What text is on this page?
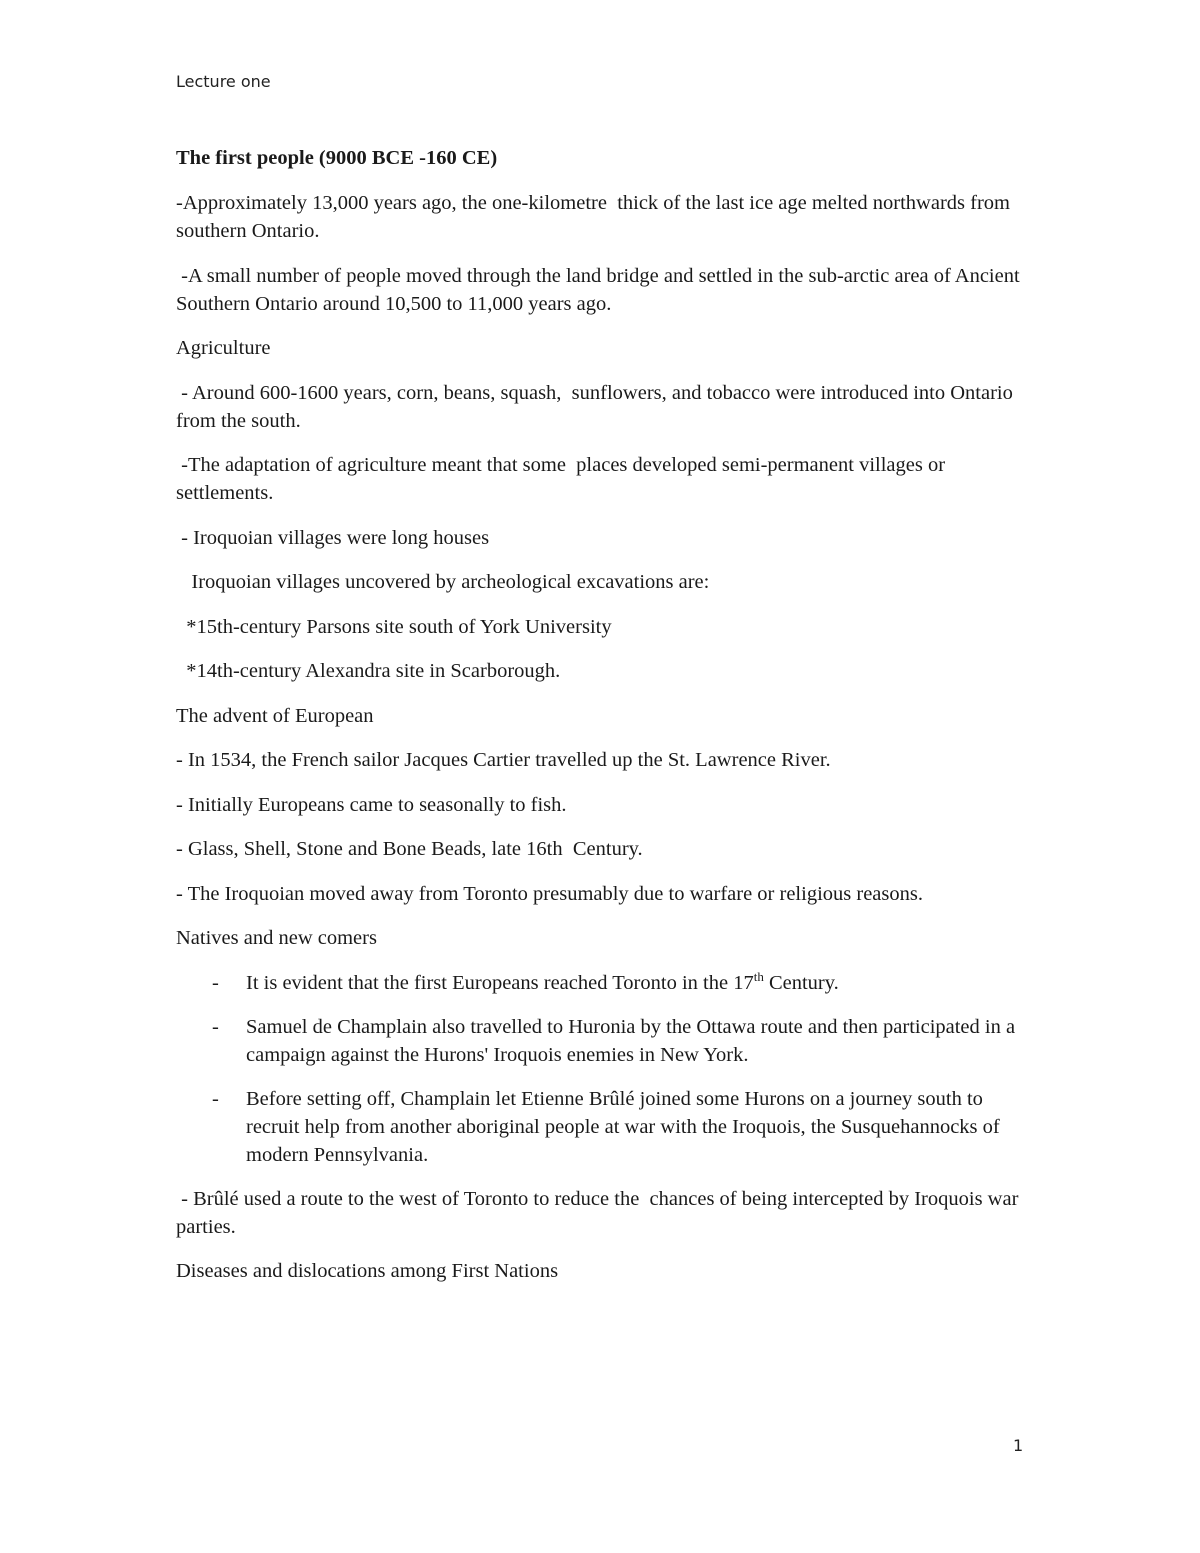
Lecture one

The first people (9000 BCE -160 CE)

-Approximately 13,000 years ago, the one-kilometre  thick of the last ice age melted northwards from southern Ontario.

-A small number of people moved through the land bridge and settled in the sub-arctic area of Ancient Southern Ontario around 10,500 to 11,000 years ago.

Agriculture

- Around 600-1600 years, corn, beans, squash,  sunflowers, and tobacco were introduced into Ontario from the south.

-The adaptation of agriculture meant that some  places developed semi-permanent villages or settlements.

- Iroquoian villages were long houses

Iroquoian villages uncovered by archeological excavations are:

*15th-century Parsons site south of York University

*14th-century Alexandra site in Scarborough.

The advent of European

- In 1534, the French sailor Jacques Cartier travelled up the St. Lawrence River.

- Initially Europeans came to seasonally to fish.

- Glass, Shell, Stone and Bone Beads, late 16th  Century.

- The Iroquoian moved away from Toronto presumably due to warfare or religious reasons.

Natives and new comers

- It is evident that the first Europeans reached Toronto in the 17th Century.
- Samuel de Champlain also travelled to Huronia by the Ottawa route and then participated in a campaign against the Hurons' Iroquois enemies in New York.
- Before setting off, Champlain let Etienne Brûlé joined some Hurons on a journey south to recruit help from another aboriginal people at war with the Iroquois, the Susquehannocks of modern Pennsylvania.

- Brûlé used a route to the west of Toronto to reduce the  chances of being intercepted by Iroquois war parties.

Diseases and dislocations among First Nations

1
